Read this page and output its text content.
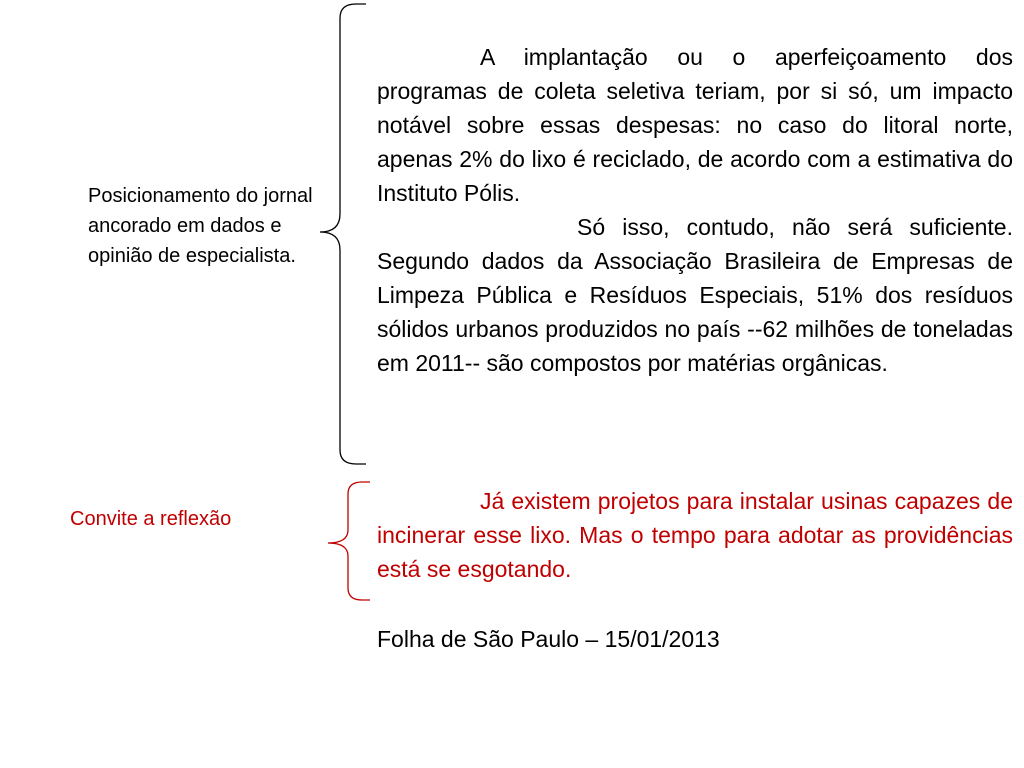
Posicionamento do jornal ancorado em dados e opinião de especialista.
Convite a reflexão

A implantação ou o aperfeiçoamento dos programas de coleta seletiva teriam, por si só, um impacto notável sobre essas despesas: no caso do litoral norte, apenas 2% do lixo é reciclado, de acordo com a estimativa do Instituto Pólis.

Só isso, contudo, não será suficiente. Segundo dados da Associação Brasileira de Empresas de Limpeza Pública e Resíduos Especiais, 51% dos resíduos sólidos urbanos produzidos no país --62 milhões de toneladas em 2011-- são compostos por matérias orgânicas.

Já existem projetos para instalar usinas capazes de incinerar esse lixo. Mas o tempo para adotar as providências está se esgotando.

Folha de São Paulo – 15/01/2013
